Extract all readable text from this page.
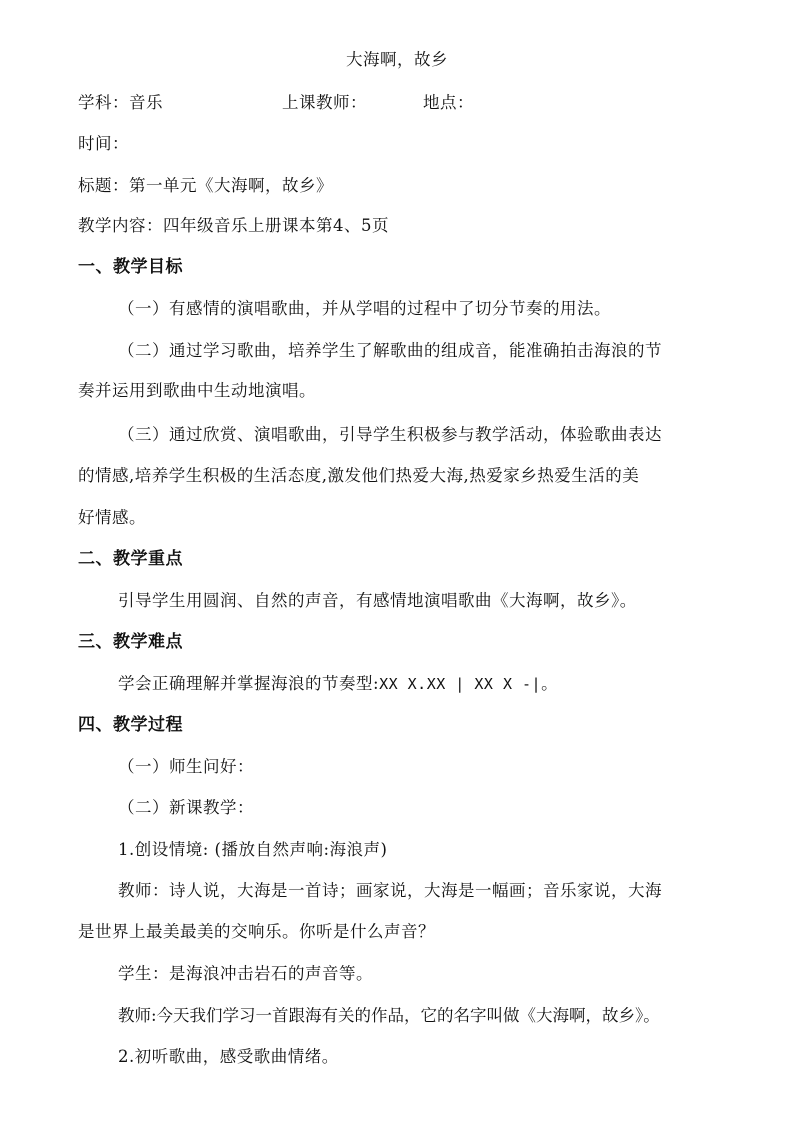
大海啊，故乡
学科：音乐	上课教师：	地点：
时间：
标题：第一单元《大海啊，故乡》
教学内容：四年级音乐上册课本第4、5页
一、教学目标
（一）有感情的演唱歌曲，并从学唱的过程中了切分节奏的用法。
（二）通过学习歌曲，培养学生了解歌曲的组成音，能准确拍击海浪的节
奏并运用到歌曲中生动地演唱。
（三）通过欣赏、演唱歌曲，引导学生积极参与教学活动，体验歌曲表达
的情感,培养学生积极的生活态度,激发他们热爱大海,热爱家乡热爱生活的美
好情感。
二、教学重点
引导学生用圆润、自然的声音，有感情地演唱歌曲《大海啊，故乡》。
三、教学难点
学会正确理解并掌握海浪的节奏型:XX X.XX | XX X -|。
四、教学过程
（一）师生问好：
（二）新课教学：
1.创设情境: (播放自然声响:海浪声)
教师：诗人说，大海是一首诗；画家说，大海是一幅画；音乐家说，大海
是世界上最美最美的交响乐。你听是什么声音？
学生：是海浪冲击岩石的声音等。
教师:今天我们学习一首跟海有关的作品，它的名字叫做《大海啊，故乡》。
2.初听歌曲，感受歌曲情绪。
